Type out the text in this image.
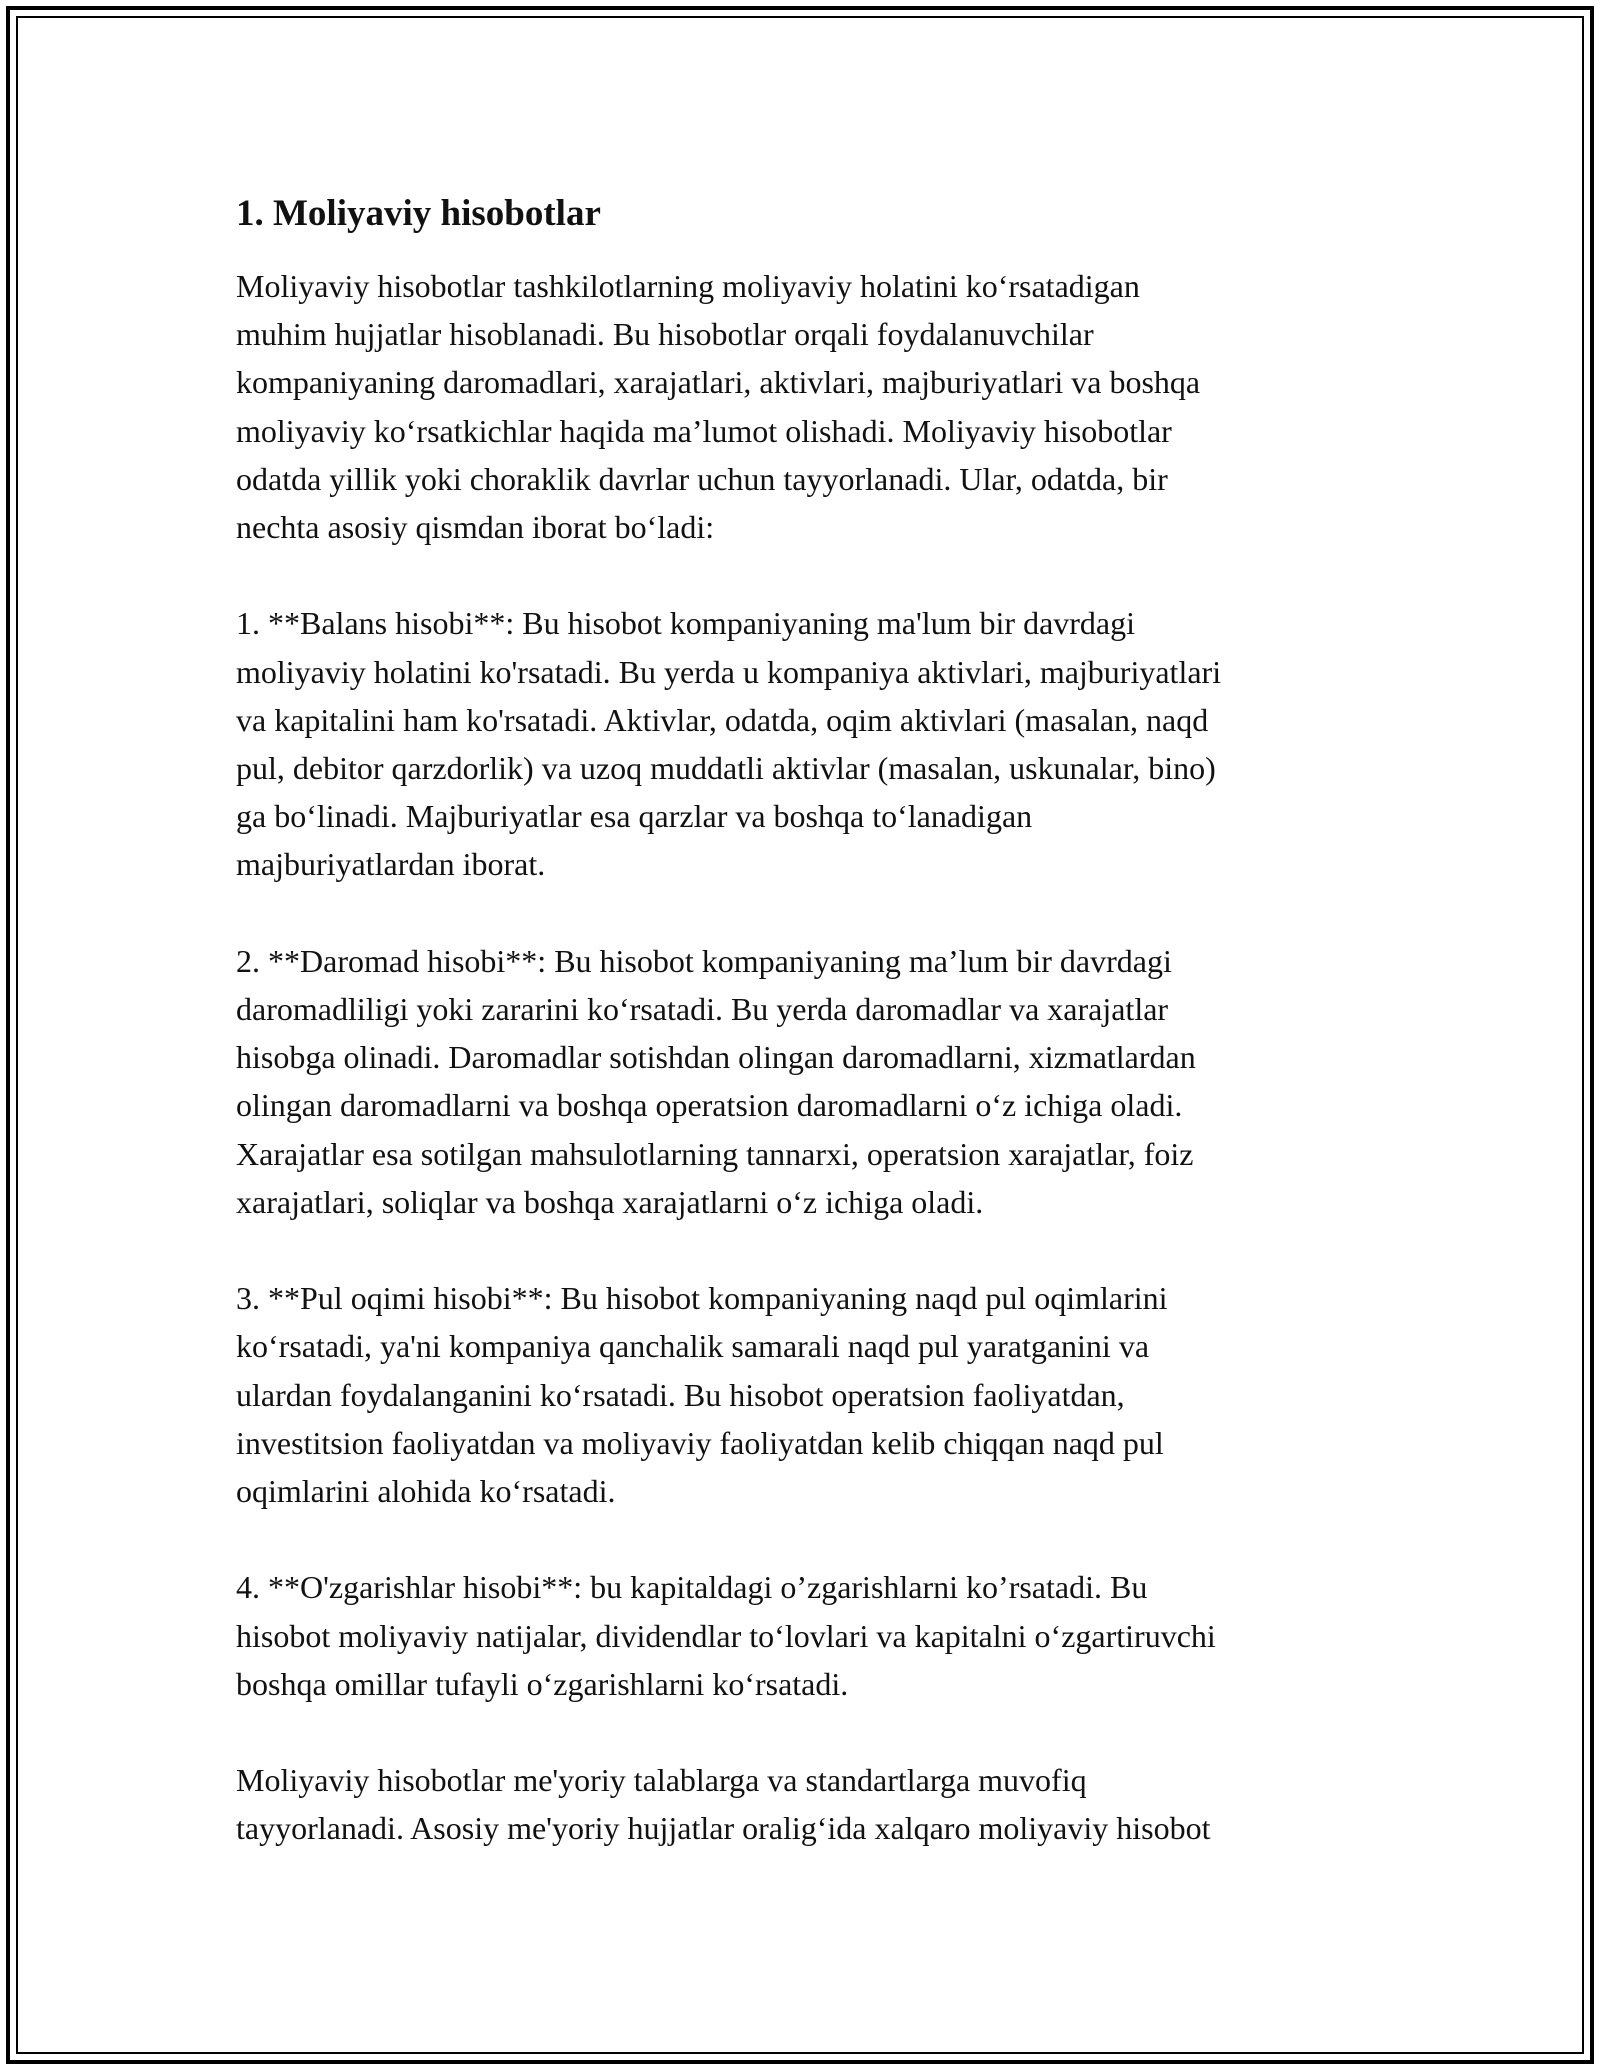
1. Moliyaviy hisobotlar

Moliyaviy hisobotlar tashkilotlarning moliyaviy holatini ko‘rsatadigan
muhim hujjatlar hisoblanadi. Bu hisobotlar orqali foydalanuvchilar
kompaniyaning daromadlari, xarajatlari, aktivlari, majburiyatlari va boshqa
moliyaviy ko‘rsatkichlar haqida ma’lumot olishadi. Moliyaviy hisobotlar
odatda yillik yoki choraklik davrlar uchun tayyorlanadi. Ular, odatda, bir
nechta asosiy qismdan iborat bo‘ladi:

1. **Balans hisobi**: Bu hisobot kompaniyaning ma'lum bir davrdagi
moliyaviy holatini ko'rsatadi. Bu yerda u kompaniya aktivlari, majburiyatlari
va kapitalini ham ko'rsatadi. Aktivlar, odatda, oqim aktivlari (masalan, naqd
pul, debitor qarzdorlik) va uzoq muddatli aktivlar (masalan, uskunalar, bino)
ga bo‘linadi. Majburiyatlar esa qarzlar va boshqa to‘lanadigan
majburiyatlardan iborat.

2. **Daromad hisobi**: Bu hisobot kompaniyaning ma’lum bir davrdagi
daromadliligi yoki zararini ko‘rsatadi. Bu yerda daromadlar va xarajatlar
hisobga olinadi. Daromadlar sotishdan olingan daromadlarni, xizmatlardan
olingan daromadlarni va boshqa operatsion daromadlarni o‘z ichiga oladi.
Xarajatlar esa sotilgan mahsulotlarning tannarxi, operatsion xarajatlar, foiz
xarajatlari, soliqlar va boshqa xarajatlarni o‘z ichiga oladi.

3. **Pul oqimi hisobi**: Bu hisobot kompaniyaning naqd pul oqimlarini
ko‘rsatadi, ya'ni kompaniya qanchalik samarali naqd pul yaratganini va
ulardan foydalanganini ko‘rsatadi. Bu hisobot operatsion faoliyatdan,
investitsion faoliyatdan va moliyaviy faoliyatdan kelib chiqqan naqd pul
oqimlarini alohida ko‘rsatadi.

4. **O'zgarishlar hisobi**: bu kapitaldagi o’zgarishlarni ko’rsatadi. Bu
hisobot moliyaviy natijalar, dividendlar to‘lovlari va kapitalni o‘zgartiruvchi
boshqa omillar tufayli o‘zgarishlarni ko‘rsatadi.

Moliyaviy hisobotlar me'yoriy talablarga va standartlarga muvofiq
tayyorlanadi. Asosiy me'yoriy hujjatlar oralig‘ida xalqaro moliyaviy hisobot
